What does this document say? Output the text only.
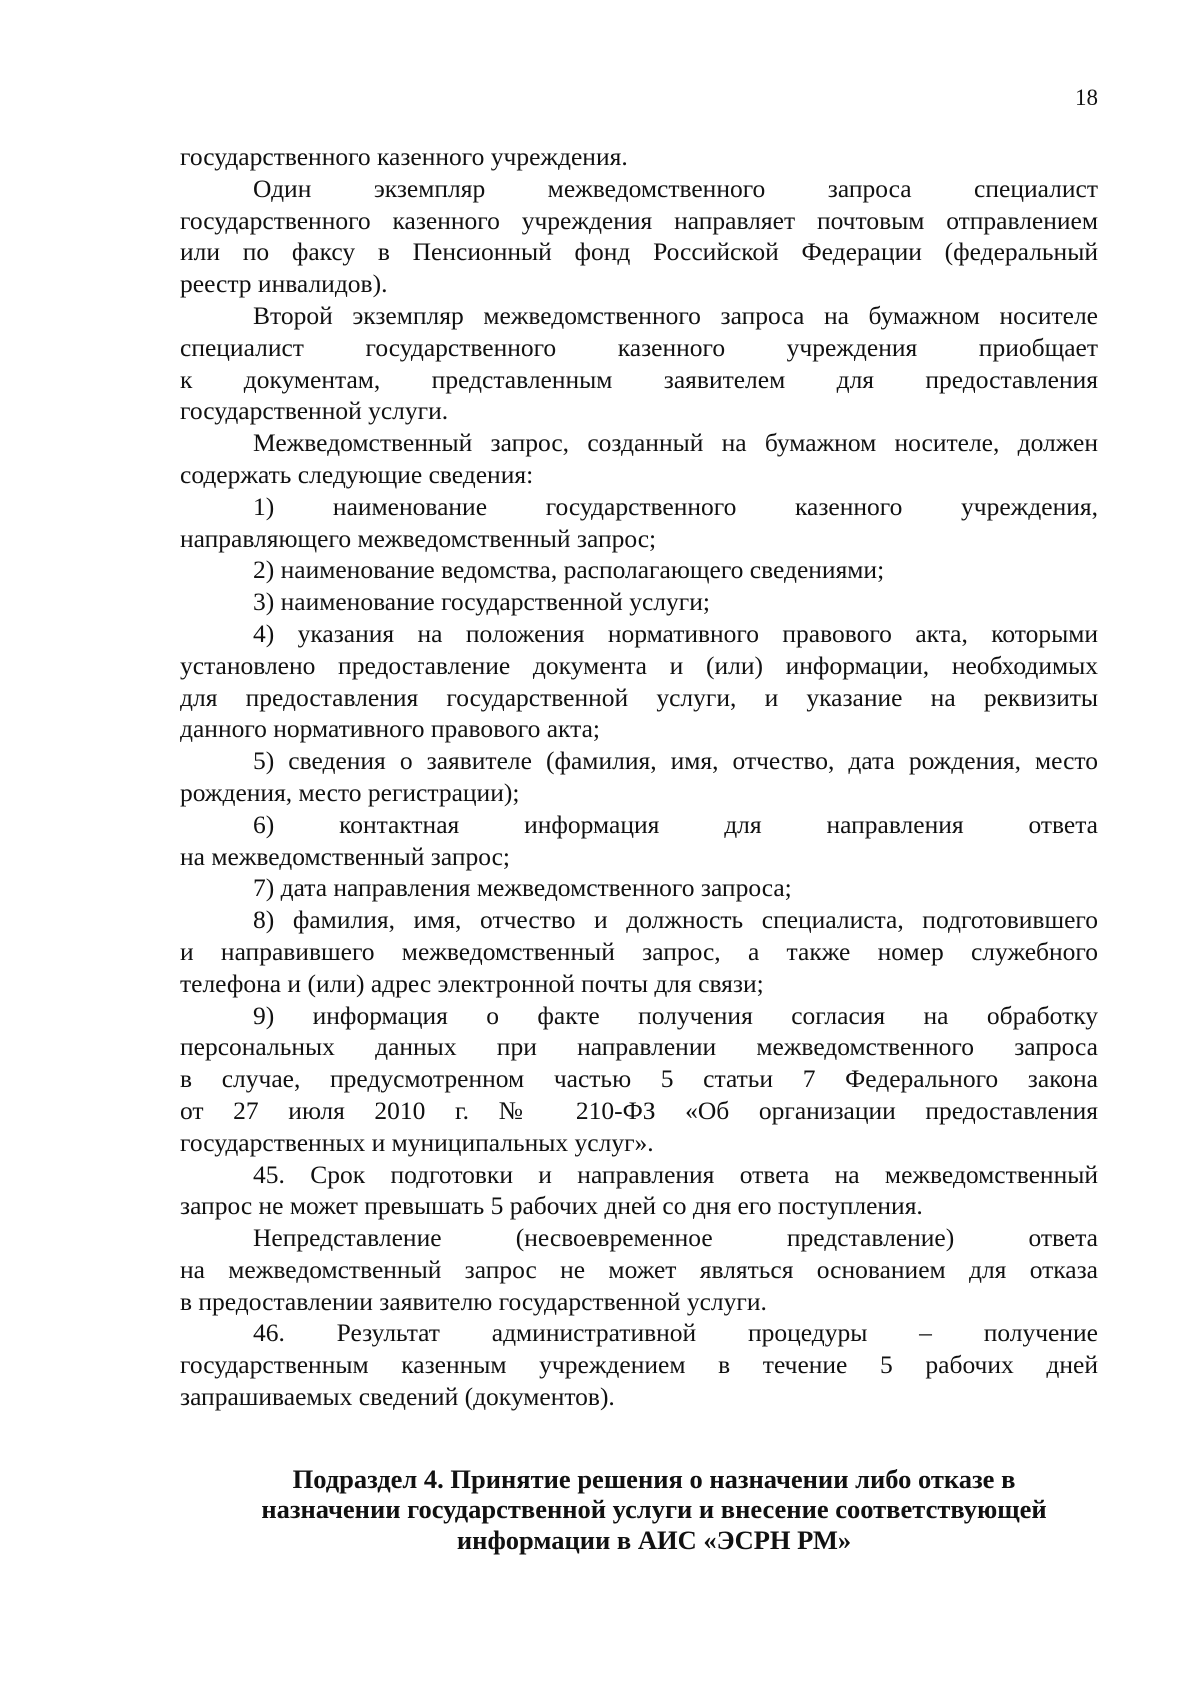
18

государственного казенного учреждения.

Один экземпляр межведомственного запроса специалист
государственного казенного учреждения направляет почтовым отправлением
или по факсу в Пенсионный фонд Российской Федерации (федеральный
реестр инвалидов).
Второй экземпляр межведомственного запроса на бумажном носителе
специалист государственного казенного учреждения приобщает
к документам, представленным заявителем для предоставления
государственной услуги.
Межведомственный запрос, созданный на бумажном носителе, должен
содержать следующие сведения:
1) наименование государственного казенного учреждения,
направляющего межведомственный запрос;
2) наименование ведомства, располагающего сведениями;
3) наименование государственной услуги;
4) указания на положения нормативного правового акта, которыми
установлено предоставление документа и (или) информации, необходимых
для предоставления государственной услуги, и указание на реквизиты
данного нормативного правового акта;
5) сведения о заявителе (фамилия, имя, отчество, дата рождения, место
рождения, место регистрации);
6) контактная информация для направления ответа
на межведомственный запрос;
7) дата направления межведомственного запроса;
8) фамилия, имя, отчество и должность специалиста, подготовившего
и направившего межведомственный запрос, а также номер служебного
телефона и (или) адрес электронной почты для связи;
9) информация о факте получения согласия на обработку
персональных данных при направлении межведомственного запроса
в случае, предусмотренном частью 5 статьи 7 Федерального закона
от 27 июля 2010 г. № 210-ФЗ «Об организации предоставления
государственных и муниципальных услуг».
45. Срок подготовки и направления ответа на межведомственный
запрос не может превышать 5 рабочих дней со дня его поступления.
Непредставление (несвоевременное представление) ответа
на межведомственный запрос не может являться основанием для отказа
в предоставлении заявителю государственной услуги.
46. Результат административной процедуры – получение
государственным казенным учреждением в течение 5 рабочих дней
запрашиваемых сведений (документов).
Подраздел 4. Принятие решения о назначении либо отказе в
назначении государственной услуги и внесение соответствующей
информации в АИС «ЭСРН РМ»
